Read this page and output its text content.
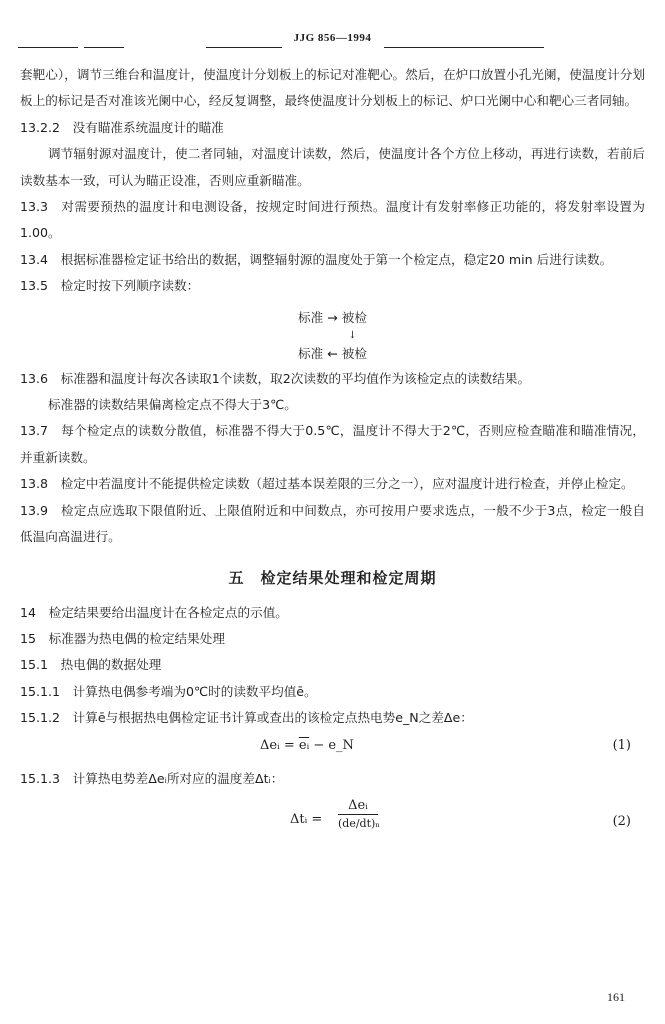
JJG 856—1994

套靶心），调节三维台和温度计，使温度计分划板上的标记对准靶心。然后，在炉口放置小孔光阑，使温度计分划板上的标记是否对准该光阑中心，经反复调整，最终使温度计分划板上的标记、炉口光阑中心和靶心三者同轴。

13.2.2　没有瞄准系统温度计的瞄准

调节辐射源对温度计，使二者同轴，对温度计读数，然后，使温度计各个方位上移动，再进行读数，若前后读数基本一致，可认为瞄正设准，否则应重新瞄准。

13.3　对需要预热的温度计和电测设备，按规定时间进行预热。温度计有发射率修正功能的，将发射率设置为1.00。

13.4　根据标准器检定证书给出的数据，调整辐射源的温度处于第一个检定点，稳定20 min 后进行读数。

13.5　检定时按下列顺序读数：

标准 → 被检
↓
标准 ← 被检

13.6　标准器和温度计每次各读取1个读数，取2次读数的平均值作为该检定点的读数结果。

标准器的读数结果偏离检定点不得大于3℃。

13.7　每个检定点的读数分散值，标准器不得大于0.5℃，温度计不得大于2℃，否则应检查瞄准和瞄准情况，并重新读数。

13.8　检定中若温度计不能提供检定读数（超过基本误差限的三分之一），应对温度计进行检查，并停止检定。

13.9　检定点应选取下限值附近、上限值附近和中间数点，亦可按用户要求选点，一般不少于3点，检定一般自低温向高温进行。

五　检定结果处理和检定周期

14　检定结果要给出温度计在各检定点的示值。

15　标准器为热电偶的检定结果处理

15.1　热电偶的数据处理

15.1.1　计算热电偶参考端为0℃时的读数平均值ē。

15.1.2　计算ē与根据热电偶检定证书计算或查出的该检定点热电势e_N之差Δe：

Δeᵢ = $\overline{eᵢ}$ − e_N	(1)

15.1.3　计算热电势差Δeᵢ所对应的温度差Δtᵢ：

Δtᵢ =
Δeᵢ
(de/dt)ₙ	(2)
161
